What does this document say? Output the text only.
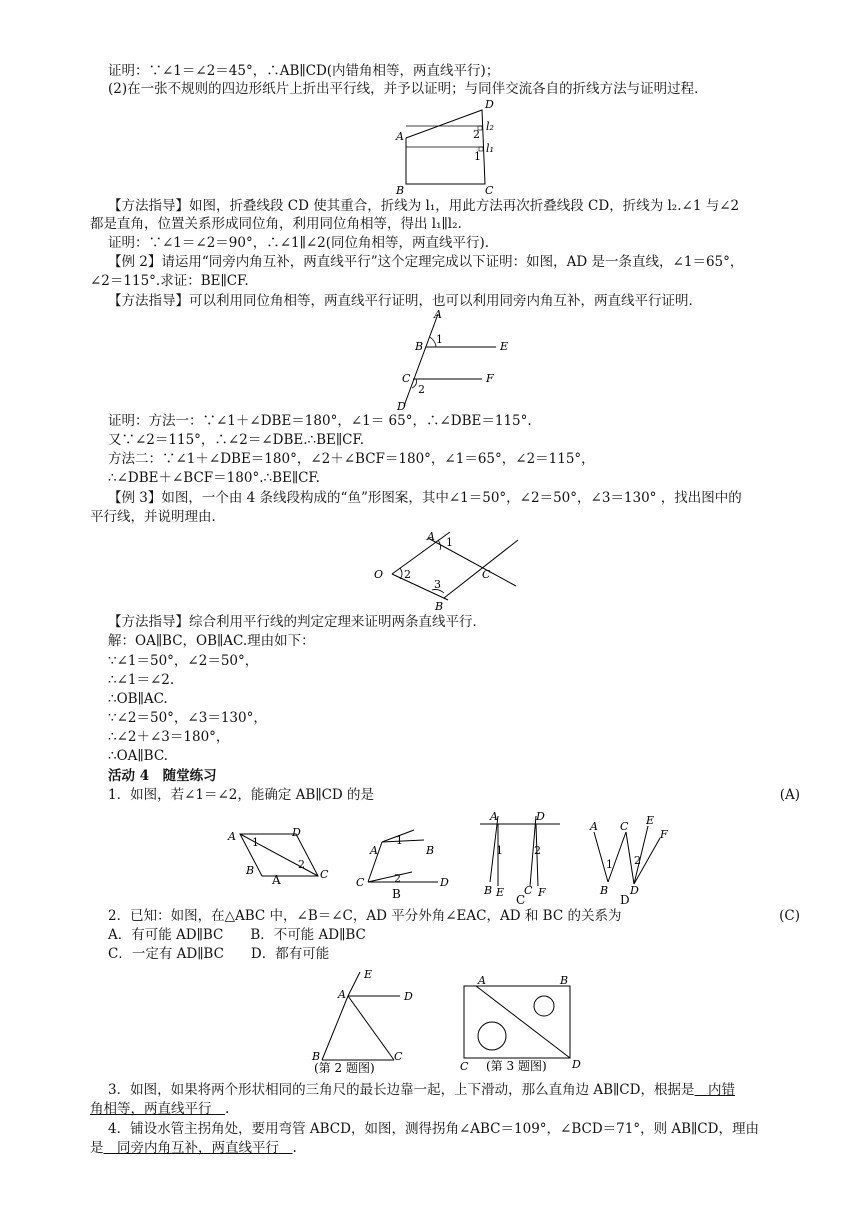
证明：∵∠1＝∠2＝45°，∴AB∥CD(内错角相等，两直线平行)；
(2)在一张不规则的四边形纸片上折出平行线，并予以证明；与同伴交流各自的折线方法与证明过程．
A
D
B	C
l₂
l₁
2
1
【方法指导】如图，折叠线段 CD 使其重合，折线为 l₁，用此方法再次折叠线段 CD，折线为 l₂.∠1 与∠2
都是直角，位置关系形成同位角，利用同位角相等，得出 l₁∥l₂.
证明：∵∠1＝∠2＝90°，∴∠1∥∠2(同位角相等，两直线平行).
【例 2】请运用“同旁内角互补，两直线平行”这个定理完成以下证明：如图，AD 是一条直线，∠1＝65°，
∠2＝115°.求证：BE∥CF.
【方法指导】可以利用同位角相等，两直线平行证明，也可以利用同旁内角互补，两直线平行证明．
A
B	E
C	F
D
1
2
证明：方法一：∵∠1＋∠DBE＝180°，∠1＝ 65°，∴∠DBE＝115°.
又∵∠2＝115°，∴∠2＝∠DBE.∴BE∥CF.
方法二：∵∠1＋∠DBE＝180°，∠2＋∠BCF＝180°，∠1＝65°，∠2＝115°，
∴∠DBE＋∠BCF＝180°.∴BE∥CF.
【例 3】如图，一个由 4 条线段构成的“鱼”形图案，其中∠1＝50°，∠2＝50°，∠3＝130° ，找出图中的
平行线，并说明理由．
A
O	C
B
1
2
3
【方法指导】综合利用平行线的判定定理来证明两条直线平行．
解：OA∥BC，OB∥AC.理由如下：
∵∠1＝50°，∠2＝50°，
∴∠1＝∠2.
∴OB∥AC.
∵∠2＝50°，∠3＝130°，
∴∠2＋∠3＝180°，
∴OA∥BC.
活动 4　随堂练习
1．如图，若∠1＝∠2，能确定 AB∥CD 的是	(A)
A	D
B	C
1
2
A
A	B
C	D
1
2
B
A	D
B E C F
1	2
C
A C E
F
B D
1 2
D
2．已知：如图，在△ABC 中，∠B＝∠C，AD 平分外角∠EAC，AD 和 BC 的关系为	(C)
A．有可能 AD∥BC　　B．不可能 AD∥BC
C．一定有 AD∥BC　　D．都有可能
E
A	D
B	C
(第 2 题图)
A	B
C	D
(第 3 题图)
3．如图，如果将两个形状相同的三角尺的最长边靠一起，上下滑动，那么直角边 AB∥CD，根据是　 内错
角相等，两直线平行　 .
4．铺设水管主拐角处，要用弯管 ABCD，如图，测得拐角∠ABC＝109°，∠BCD＝71°，则 AB∥CD，理由
是　 同旁内角互补，两直线平行　 .
